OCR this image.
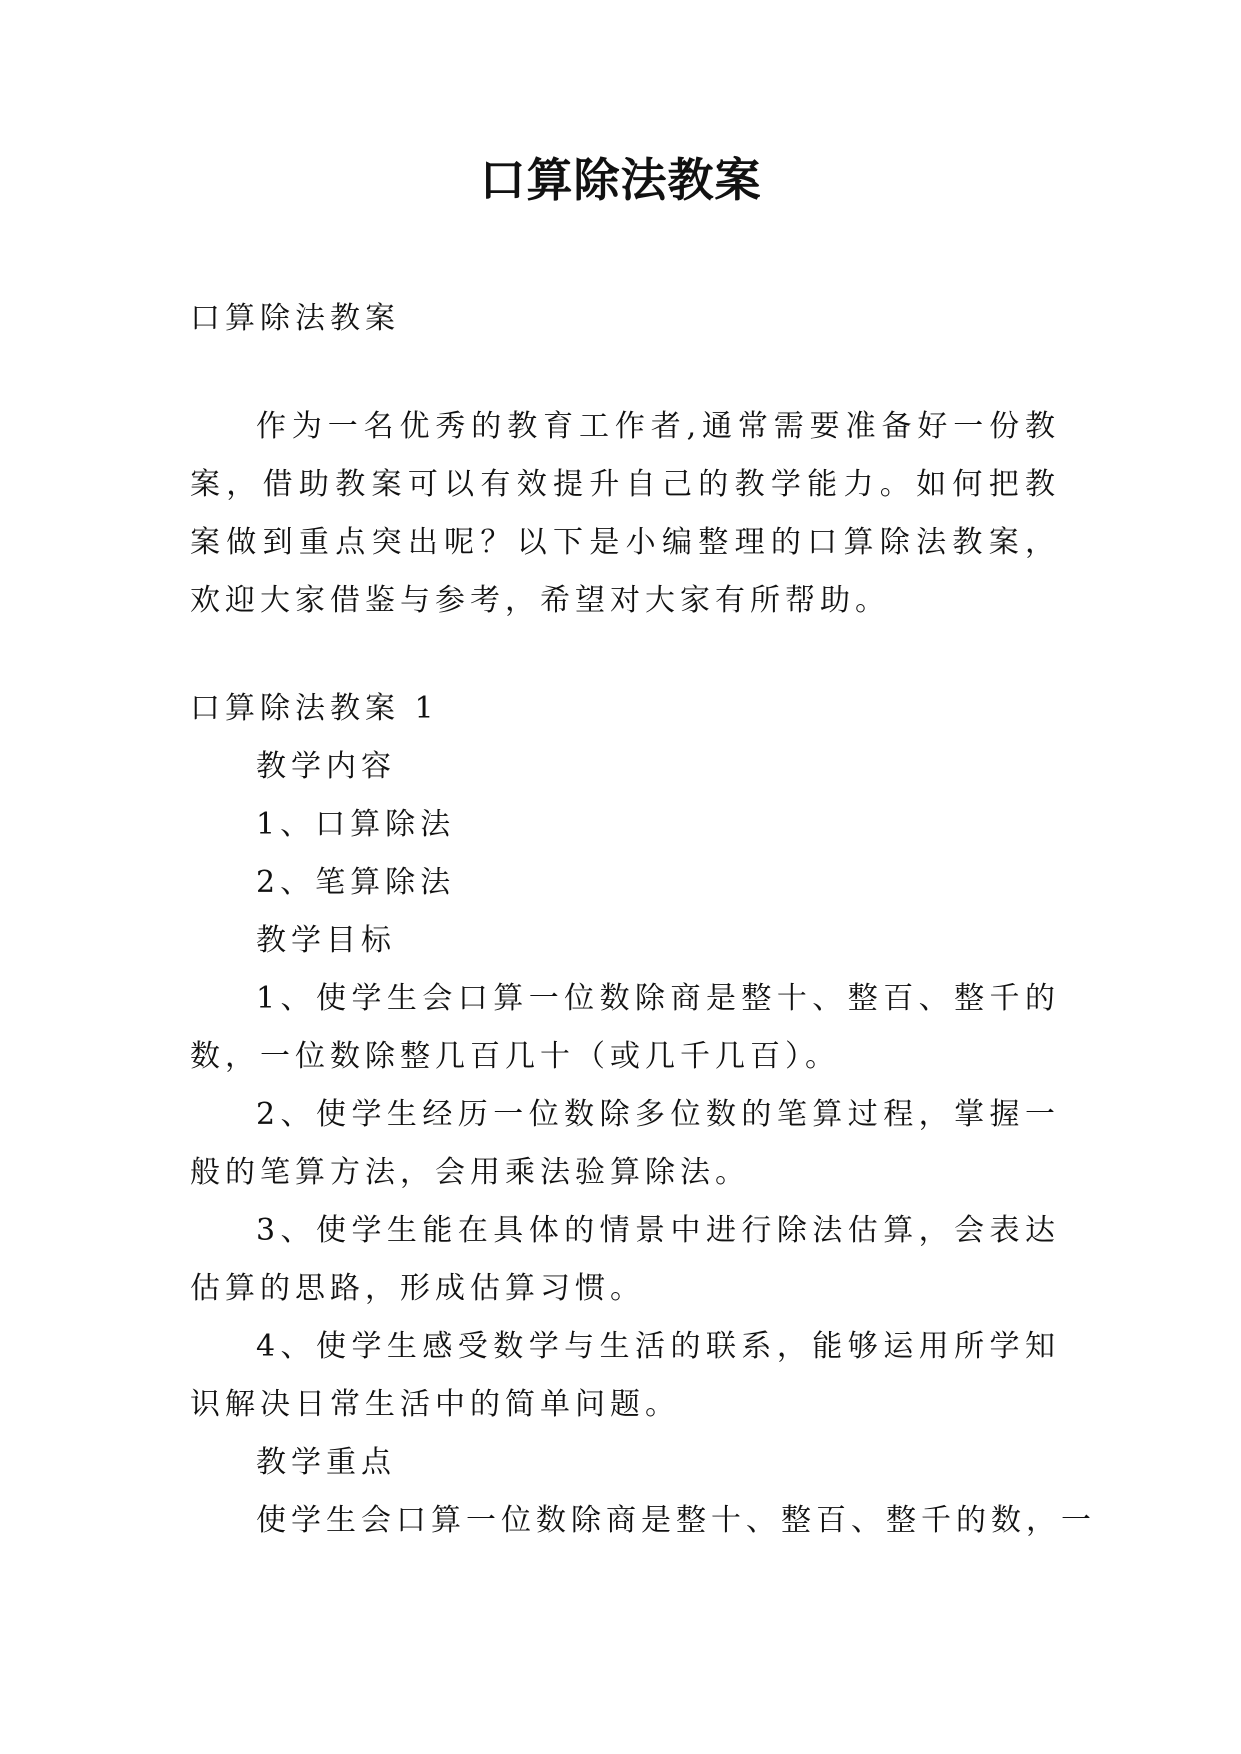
口算除法教案
口算除法教案
作为一名优秀的教育工作者,通常需要准备好一份教案，借助教案可以有效提升自己的教学能力。如何把教案做到重点突出呢？以下是小编整理的口算除法教案，欢迎大家借鉴与参考，希望对大家有所帮助。
口算除法教案 1
教学内容
1、口算除法
2、笔算除法
教学目标
1、使学生会口算一位数除商是整十、整百、整千的数，一位数除整几百几十（或几千几百）。
2、使学生经历一位数除多位数的笔算过程，掌握一般的笔算方法，会用乘法验算除法。
3、使学生能在具体的情景中进行除法估算，会表达估算的思路，形成估算习惯。
4、使学生感受数学与生活的联系，能够运用所学知识解决日常生活中的简单问题。
教学重点
使学生会口算一位数除商是整十、整百、整千的数，一
